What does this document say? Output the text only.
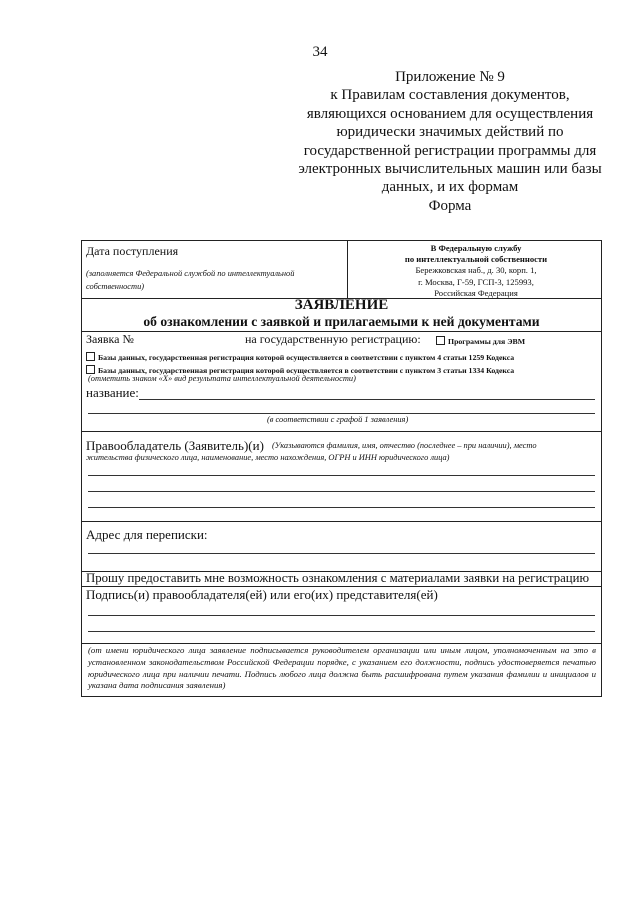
34
Приложение № 9
к Правилам составления документов,
являющихся основанием для осуществления
юридически значимых действий по
государственной регистрации программы для
электронных вычислительных машин или базы
данных, и их формам
Форма
Дата поступления
(заполняется Федеральной службой по интеллектуальной
собственности)
В Федеральную службу
по интеллектуальной собственности
Бережковская наб., д. 30, корп. 1,
г. Москва, Г-59, ГСП-3, 125993,
Российская Федерация
ЗАЯВЛЕНИЕ
об ознакомлении с заявкой и прилагаемыми к ней документами
Заявка №	на государственную регистрацию:	Программы для ЭВМ
Базы данных, государственная регистрация которой осуществляется в соответствии с пунктом 4 статьи 1259 Кодекса
Базы данных, государственная регистрация которой осуществляется в соответствии с пунктом 3 статьи 1334 Кодекса
(отметить знаком «Х» вид результата интеллектуальной деятельности)
название:
(в соответствии с графой 1 заявления)
Правообладатель (Заявитель)(и) (Указываются фамилия, имя, отчество (последнее – при наличии), место
жительства физического лица, наименование, место нахождения, ОГРН и ИНН юридического лица)
Адрес для переписки:
Прошу предоставить мне возможность ознакомления с материалами заявки на регистрацию
Подпись(и) правообладателя(ей) или его(их) представителя(ей)
(от имени юридического лица заявление подписывается руководителем организации или иным лицом, уполномоченным на это в установленном законодательством Российской Федерации порядке, с указанием его должности, подпись удостоверяется печатью юридического лица при наличии печати. Подпись любого лица должна быть расшифрована путем указания фамилии и инициалов и указана дата подписания заявления)
